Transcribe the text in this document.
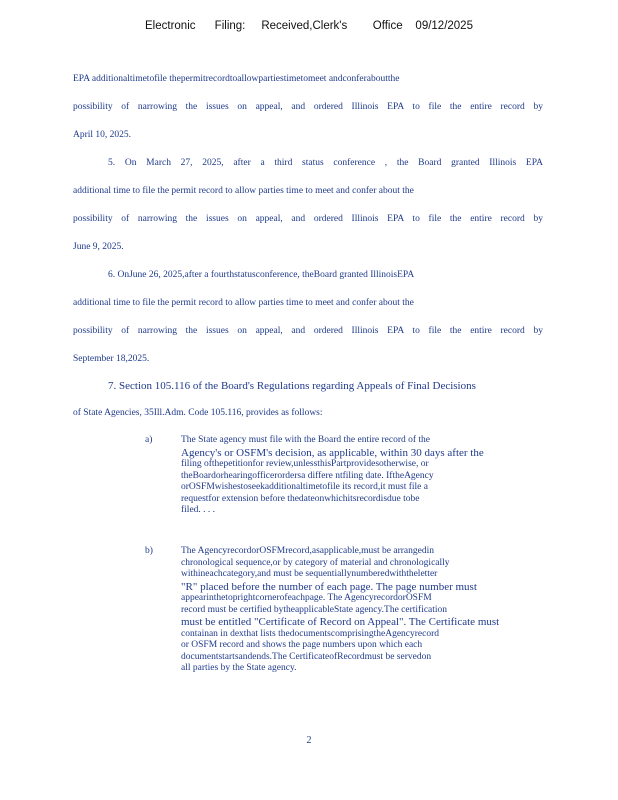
Electronic      Filing:     Received,Clerk's        Office    09/12/2025
EPA additionaltimetofile thepermitrecordtoallowpartiestimetomeet andconferaboutthe
possibility of narrowing the issues on appeal, and ordered Illinois EPA to file the entire record by
April 10, 2025.
5. On March 27, 2025, after a third status conference , the Board granted Illinois EPA
additional time to file the permit record to allow parties time to meet and confer about the
possibility of narrowing the issues on appeal, and ordered Illinois EPA to file the entire record by
June 9, 2025.
6. OnJune 26, 2025,after a fourthstatusconference, theBoard granted IllinoisEPA
additional time to file the permit record to allow parties time to meet and confer about the
possibility of narrowing the issues on appeal, and ordered Illinois EPA to file the entire record by
September 18,2025.
7. Section 105.116 of the Board's Regulations regarding Appeals of Final Decisions
of State Agencies, 35Ill.Adm. Code 105.116, provides as follows:
a)	The State agency must file with the Board the entire record of the
Agency's or OSFM's decision, as applicable, within 30 days after the
filing ofthepetitionfor review,unlessthisPartprovidesotherwise, or
theBoardorhearingofficerordersa differe ntfiling date. IftheAgency
orOSFMwishestoseekadditionaltimetofile its record,it must file a
requestfor extension before thedateonwhichitsrecordisdue tobe
filed. . . .
b)	The AgencyrecordorOSFMrecord,asapplicable,must be arrangedin
chronological sequence,or by category of material and chronologically
withineachcategory,and must be sequentiallynumberedwiththeletter
"R" placed before the number of each page. The page number must
appearinthetoprightcornerofeachpage. The AgencyrecordorOSFM
record must be certified bytheapplicableState agency.The certification
must be entitled "Certificate of Record on Appeal". The Certificate must
containan in dexthat lists thedocumentscomprisingtheAgencyrecord
or OSFM record and shows the page numbers upon which each
documentstartsandends.The CertificateofRecordmust be servedon
all parties by the State agency.
2
